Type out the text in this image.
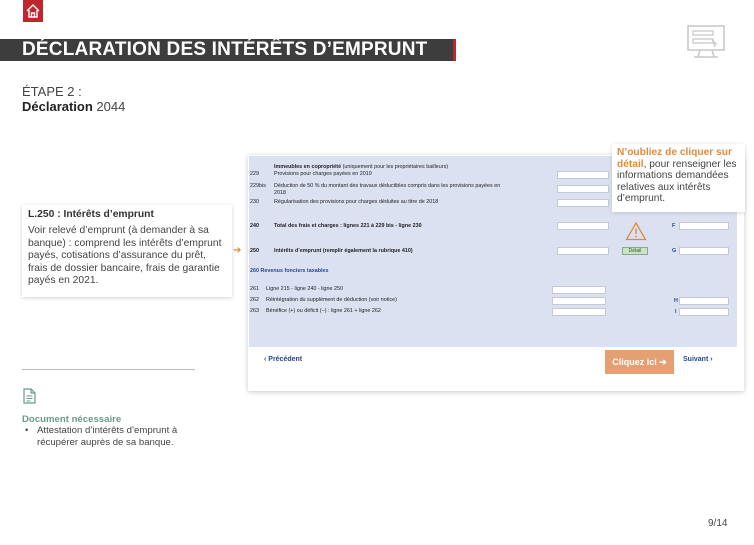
DÉCLARATION DES INTÉRÊTS D’EMPRUNT
ÉTAPE 2 :
Déclaration 2044
L.250 : Intérêts d’emprunt
Voir relevé d’emprunt (à demander à sa banque) : comprend les intérêts d’emprunt payés, cotisations d’assurance du prêt, frais de dossier bancaire, frais de garantie payés en 2021.
➔
Immeubles en copropriété (uniquement pour les propriétaires bailleurs)
229	Provisions pour charges payées en 2019
229bis Déduction de 50 % du montant des travaux déductibles compris dans les provisions payées en
2018
230	Régularisation des provisions pour charges déduites au titre de 2018
240	Total des frais et charges : lignes 221 à 229 bis - ligne 230	F
250	Intérêts d’emprunt (remplir également la rubrique 410)	Détail	G
260 Revenus fonciers taxables
261 Ligne 215 - ligne 240 - ligne 250
262 Réintégration du supplément de déduction (voir notice)	H
263 Bénéfice (+) ou déficit (−) : ligne 261 + ligne 262	I
‹ Précédent	Cliquez ici ➔	Suivant ›
N’oubliez de cliquer sur détail, pour renseigner les informations demandées relatives aux intérêts d’emprunt.
Document nécessaire
• Attestation d’intérêts d’emprunt à récupérer auprès de sa banque.
9/14
